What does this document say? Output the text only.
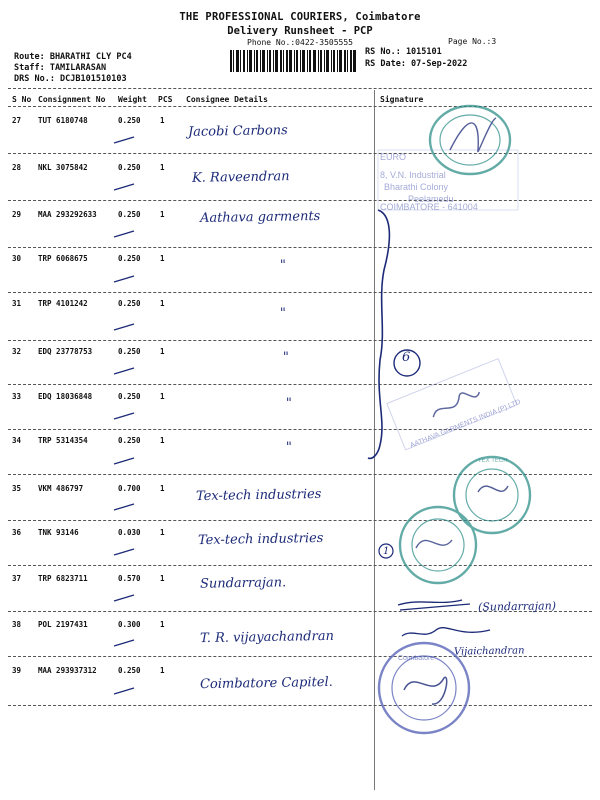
THE PROFESSIONAL COURIERS, Coimbatore
Delivery Runsheet - PCP
Phone No.:0422-3505555	Page No.:3
Route: BHARATHI CLY PC4
Staff: TAMILARASAN
DRS No.: DCJB101510103
RS No.: 1015101
RS Date: 07-Sep-2022
S No Consignment No Weight PCS Consignee Details	Signature
27 TUT 6180748	0.250	1
Jacobi Carbons
28 NKL 3075842	0.250	1
K. Raveendran
29 MAA 293292633	0.250	1	Aathava garments
30 TRP 6068675	0.250	1	"
31 TRP 4101242	0.250	1
"
32 EDQ 23778753	0.250	1	"
33 EDQ 18036848	0.250	1	"
34 TRP 5314354	0.250	1	"
35 VKM 486797	0.700	1 Tex-tech industries
36 TNK 93146	0.030	1	Tex-tech industries
37 TRP 6823711	0.570	1	Sundarrajan.
38 POL 2197431	0.300	1
T. R. vijayachandran
39 MAA 293937312	0.250	1
Coimbatore Capitel.
6
1
(Sundarrajan)
Vijaichandran
EURO
8, V.N. Industrial
Bharathi Colony
Peelamedu
COIMBATORE - 641004
AATHAVA GARMENTS INDIA (P) LTD
TEX TECH
Coimbatore
